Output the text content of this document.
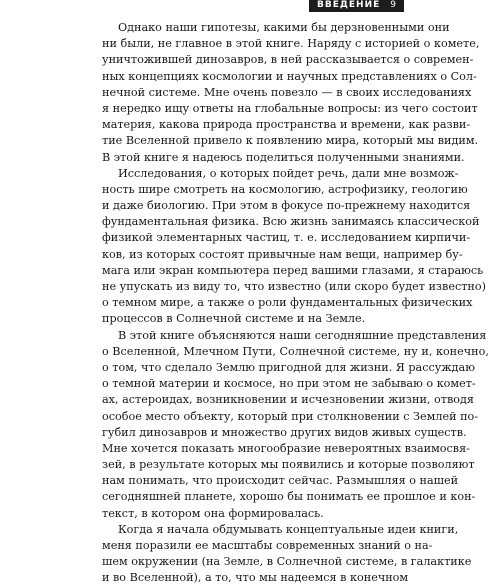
ВВЕДЕНИЕ 9
Однако наши гипотезы, какими бы дерзновенными они
ни были, не главное в этой книге. Наряду с историей о комете,
уничтожившей динозавров, в ней рассказывается о современ-
ных концепциях космологии и научных представлениях о Сол-
нечной системе. Мне очень повезло — в своих исследованиях
я нередко ищу ответы на глобальные вопросы: из чего состоит
материя, какова природа пространства и времени, как разви-
тие Вселенной привело к появлению мира, который мы видим.
В этой книге я надеюсь поделиться полученными знаниями.
Исследования, о которых пойдет речь, дали мне возмож-
ность шире смотреть на космологию, астрофизику, геологию
и даже биологию. При этом в фокусе по-прежнему находится
фундаментальная физика. Всю жизнь занимаясь классической
физикой элементарных частиц, т. е. исследованием кирпичи-
ков, из которых состоят привычные нам вещи, например бу-
мага или экран компьютера перед вашими глазами, я стараюсь
не упускать из виду то, что известно (или скоро будет известно)
о темном мире, а также о роли фундаментальных физических
процессов в Солнечной системе и на Земле.
В этой книге объясняются наши сегодняшние представления
о Вселенной, Млечном Пути, Солнечной системе, ну и, конечно,
о том, что сделало Землю пригодной для жизни. Я рассуждаю
о темной материи и космосе, но при этом не забываю о комет-
ах, астероидах, возникновении и исчезновении жизни, отводя
особое место объекту, который при столкновении с Землей по-
губил динозавров и множество других видов живых существ.
Мне хочется показать многообразие невероятных взаимосвя-
зей, в результате которых мы появились и которые позволяют
нам понимать, что происходит сейчас. Размышляя о нашей
сегодняшней планете, хорошо бы понимать ее прошлое и кон-
текст, в котором она формировалась.
Когда я начала обдумывать концептуальные идеи книги,
меня поразили ее масштабы современных знаний о на-
шем окружении (на Земле, в Солнечной системе, в галактике
и во Вселенной), а то, что мы надеемся в конечном
